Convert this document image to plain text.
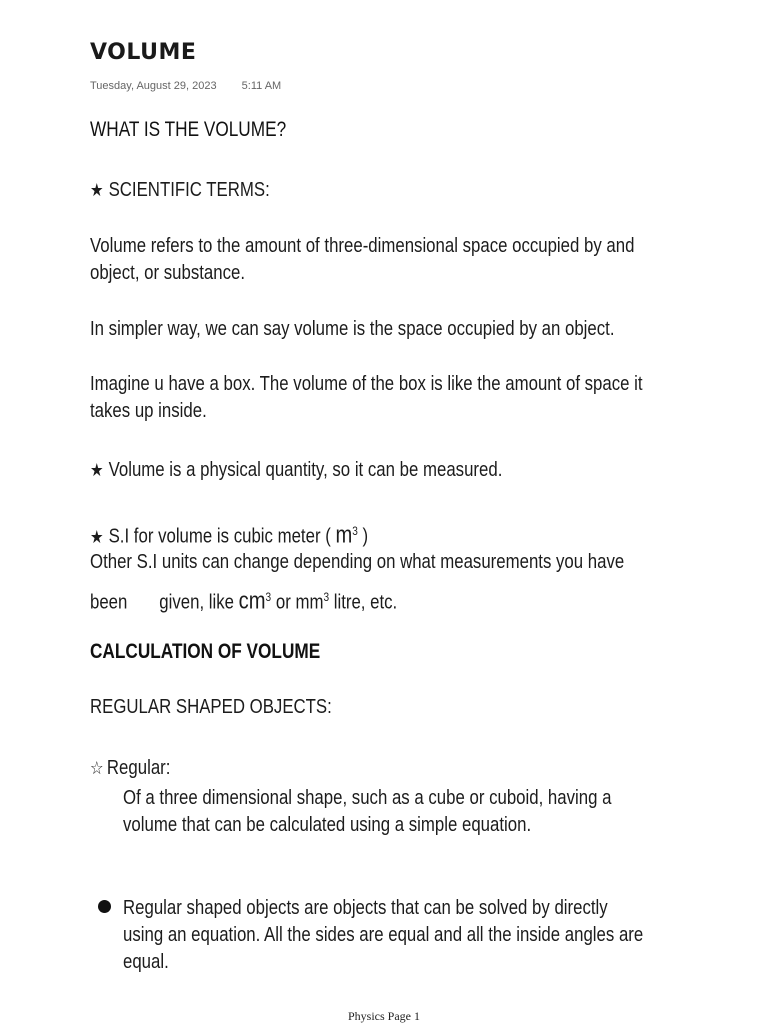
VOLUME
Tuesday, August 29, 2023 5:11 AM
WHAT IS THE VOLUME?
★ SCIENTIFIC TERMS:
Volume refers to the amount of three-dimensional space occupied by and
object, or substance.
In simpler way, we can say volume is the space occupied by an object.
Imagine u have a box. The volume of the box is like the amount of space it
takes up inside.
★ Volume is a physical quantity, so it can be measured.
★ S.I for volume is cubic meter ( $m^3$ )
Other S.I units can change depending on what measurements you have
been given, like $cm^3$ or $mm^3$ litre, etc.
CALCULATION OF VOLUME
REGULAR SHAPED OBJECTS:
☆ Regular:
Of a three dimensional shape, such as a cube or cuboid, having a
volume that can be calculated using a simple equation.
Regular shaped objects are objects that can be solved by directly
using an equation. All the sides are equal and all the inside angles are
equal.
Physics Page 1
